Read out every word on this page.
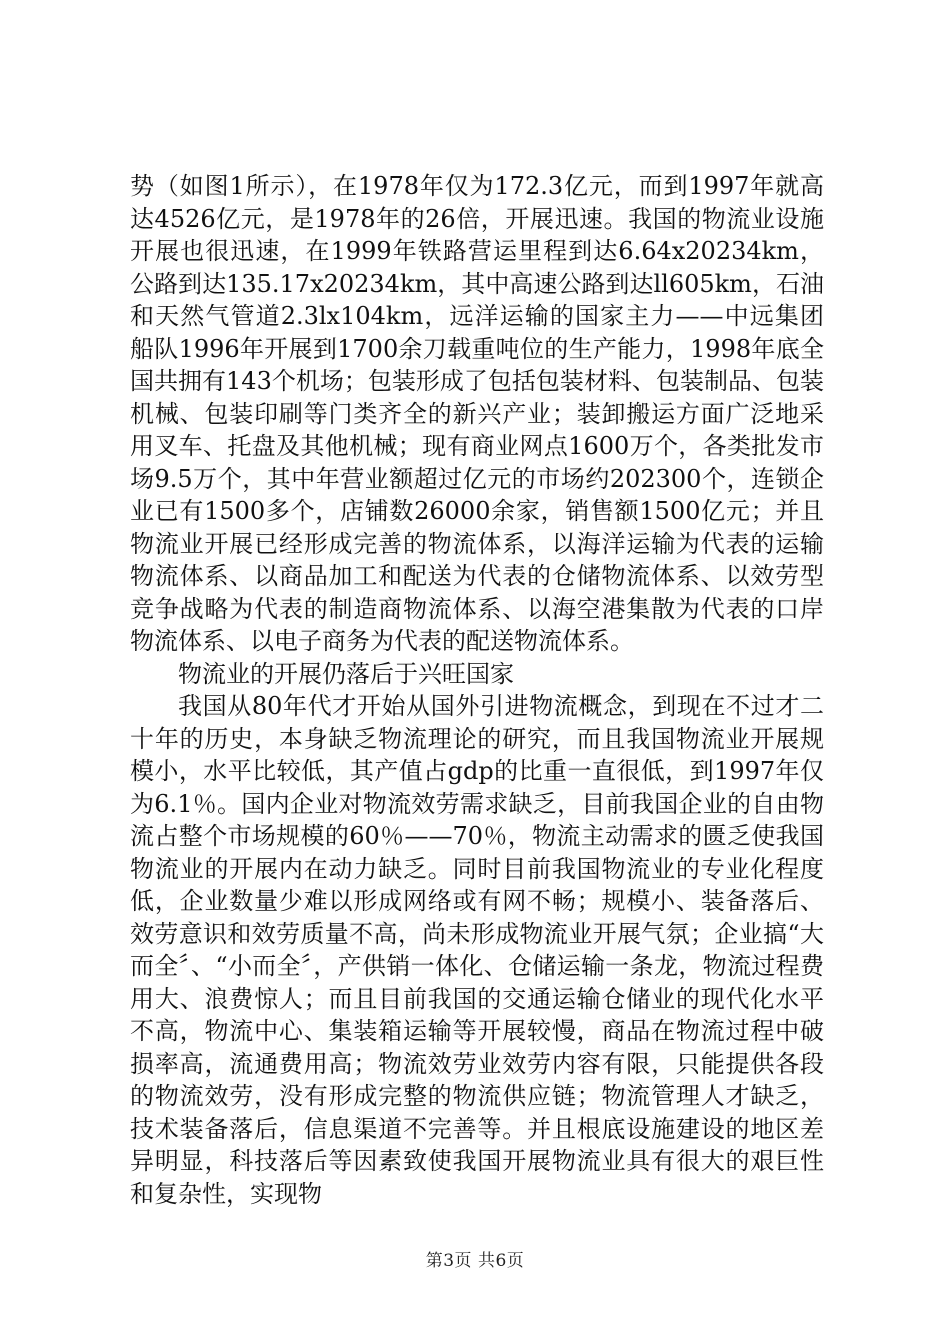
势（如图1所示），在1978年仅为172.3亿元，而到1997年就高达4526亿元，是1978年的26倍，开展迅速。我国的物流业设施开展也很迅速，在1999年铁路营运里程到达6.64x20234km，公路到达135.17x20234km，其中高速公路到达ll605km，石油和天然气管道2.3lx104km，远洋运输的国家主力——中远集团船队1996年开展到1700余刀载重吨位的生产能力，1998年底全国共拥有143个机场；包装形成了包括包装材料、包装制品、包装机械、包装印刷等门类齐全的新兴产业；装卸搬运方面广泛地采用叉车、托盘及其他机械；现有商业网点1600万个，各类批发市场9.5万个，其中年营业额超过亿元的市场约202300个，连锁企业已有1500多个，店铺数26000余家，销售额1500亿元；并且物流业开展已经形成完善的物流体系，以海洋运输为代表的运输物流体系、以商品加工和配送为代表的仓储物流体系、以效劳型竞争战略为代表的制造商物流体系、以海空港集散为代表的口岸物流体系、以电子商务为代表的配送物流体系。

物流业的开展仍落后于兴旺国家

我国从80年代才开始从国外引进物流概念，到现在不过才二十年的历史，本身缺乏物流理论的研究，而且我国物流业开展规模小，水平比较低，其产值占gdp的比重一直很低，到1997年仅为6.1％。国内企业对物流效劳需求缺乏，目前我国企业的自由物流占整个市场规模的60％——70％，物流主动需求的匮乏使我国物流业的开展内在动力缺乏。同时目前我国物流业的专业化程度低，企业数量少难以形成网络或有网不畅；规模小、装备落后、效劳意识和效劳质量不高，尚未形成物流业开展气氛；企业搞“大而全〞、“小而全〞，产供销一体化、仓储运输一条龙，物流过程费用大、浪费惊人；而且目前我国的交通运输仓储业的现代化水平不高，物流中心、集装箱运输等开展较慢，商品在物流过程中破损率高，流通费用高；物流效劳业效劳内容有限，只能提供各段的物流效劳，没有形成完整的物流供应链；物流管理人才缺乏，技术装备落后，信息渠道不完善等。并且根底设施建设的地区差异明显，科技落后等因素致使我国开展物流业具有很大的艰巨性和复杂性，实现物

第3页 共6页
